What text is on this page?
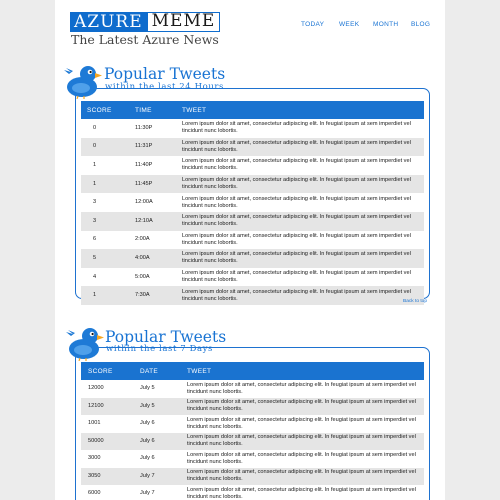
AZURE MEME
The Latest Azure News
TODAY WEEK MONTH BLOG
Popular Tweets
within the last 24 Hours
SCORE	TIME	TWEET
0	11:30P	Lorem ipsum dolor sit amet, consectetur adipiscing elit. In feugiat ipsum at sem imperdiet vel tincidunt nunc lobortis.
0	11:31P	Lorem ipsum dolor sit amet, consectetur adipiscing elit. In feugiat ipsum at sem imperdiet vel tincidunt nunc lobortis.
1	11:40P	Lorem ipsum dolor sit amet, consectetur adipiscing elit. In feugiat ipsum at sem imperdiet vel tincidunt nunc lobortis.
1	11:45P	Lorem ipsum dolor sit amet, consectetur adipiscing elit. In feugiat ipsum at sem imperdiet vel tincidunt nunc lobortis.
3	12:00A	Lorem ipsum dolor sit amet, consectetur adipiscing elit. In feugiat ipsum at sem imperdiet vel tincidunt nunc lobortis.
3	12:10A	Lorem ipsum dolor sit amet, consectetur adipiscing elit. In feugiat ipsum at sem imperdiet vel tincidunt nunc lobortis.
6	2:00A	Lorem ipsum dolor sit amet, consectetur adipiscing elit. In feugiat ipsum at sem imperdiet vel tincidunt nunc lobortis.
5	4:00A	Lorem ipsum dolor sit amet, consectetur adipiscing elit. In feugiat ipsum at sem imperdiet vel tincidunt nunc lobortis.
4	5:00A	Lorem ipsum dolor sit amet, consectetur adipiscing elit. In feugiat ipsum at sem imperdiet vel tincidunt nunc lobortis.
1	7:30A	Lorem ipsum dolor sit amet, consectetur adipiscing elit. In feugiat ipsum at sem imperdiet vel tincidunt nunc lobortis.	Back to top
Popular Tweets
within the last 7 Days
SCORE	DATE	TWEET
12000	July 5	Lorem ipsum dolor sit amet, consectetur adipiscing elit. In feugiat ipsum at sem imperdiet vel tincidunt nunc lobortis.
12100	July 5	Lorem ipsum dolor sit amet, consectetur adipiscing elit. In feugiat ipsum at sem imperdiet vel tincidunt nunc lobortis.
1001	July 6	Lorem ipsum dolor sit amet, consectetur adipiscing elit. In feugiat ipsum at sem imperdiet vel tincidunt nunc lobortis.
50000	July 6	Lorem ipsum dolor sit amet, consectetur adipiscing elit. In feugiat ipsum at sem imperdiet vel tincidunt nunc lobortis.
3000	July 6	Lorem ipsum dolor sit amet, consectetur adipiscing elit. In feugiat ipsum at sem imperdiet vel tincidunt nunc lobortis.
3050	July 7	Lorem ipsum dolor sit amet, consectetur adipiscing elit. In feugiat ipsum at sem imperdiet vel tincidunt nunc lobortis.
6000	July 7	Lorem ipsum dolor sit amet, consectetur adipiscing elit. In feugiat ipsum at sem imperdiet vel tincidunt nunc lobortis.
